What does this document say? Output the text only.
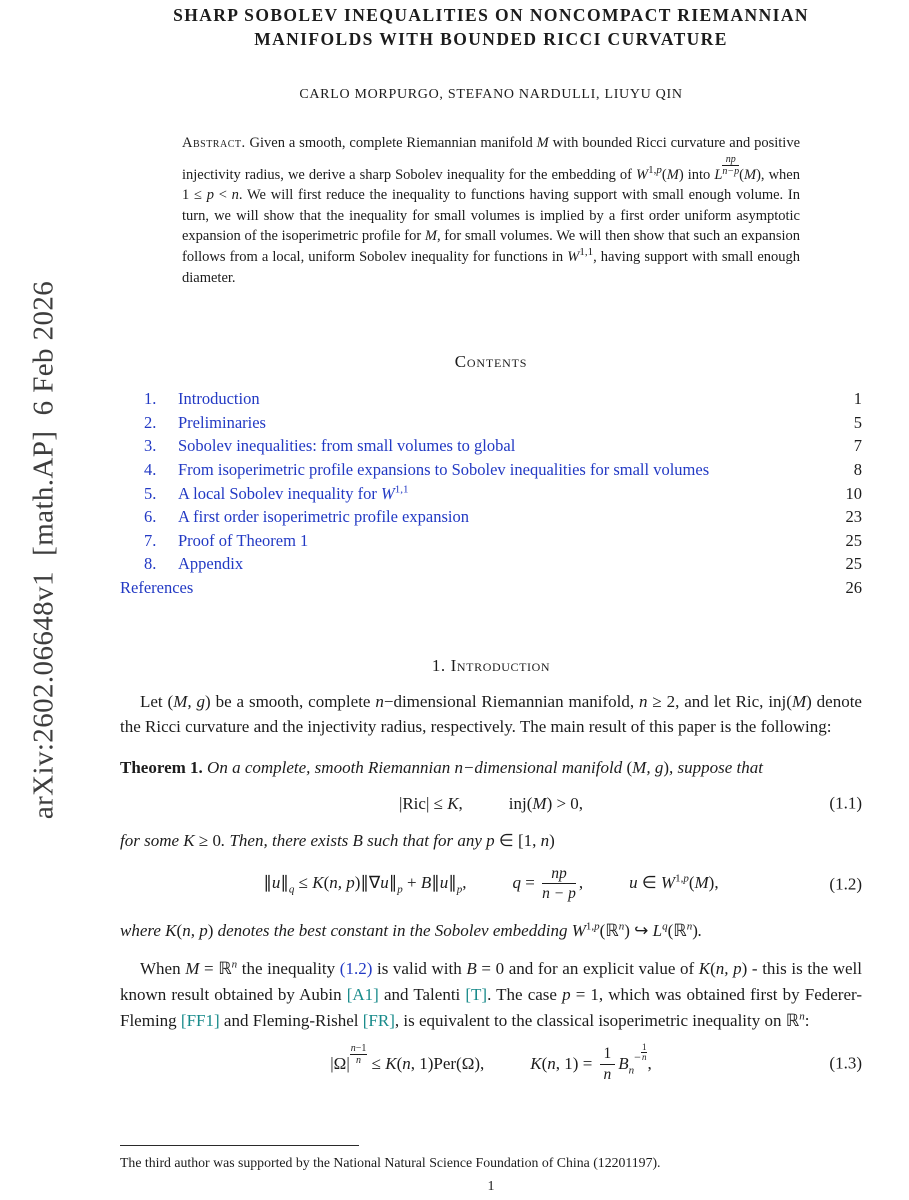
arXiv:2602.06648v1  [math.AP]  6 Feb 2026
SHARP SOBOLEV INEQUALITIES ON NONCOMPACT RIEMANNIAN
MANIFOLDS WITH BOUNDED RICCI CURVATURE
CARLO MORPURGO, STEFANO NARDULLI, LIUYU QIN
Abstract. Given a smooth, complete Riemannian manifold M with bounded Ricci curvature and positive injectivity radius, we derive a sharp Sobolev inequality for the embedding of W$^{1,p}$(M) into L $^{\frac{np}{n-p}}$ (M), when 1 ≤ p < n. We will first reduce the inequality to functions having support with small enough volume. In turn, we will show that the inequality for small volumes is implied by a first order uniform asymptotic expansion of the isoperimetric profile for M, for small volumes. We will then show that such an expansion follows from a local, uniform Sobolev inequality for functions in W$^{1,1}$, having support with small enough diameter.
Contents
1.	Introduction	1
2.	Preliminaries	5
3.	Sobolev inequalities: from small volumes to global	7
4.	From isoperimetric profile expansions to Sobolev inequalities for small volumes	8
5.	A local Sobolev inequality for W$^{1,1}$	10
6.	A first order isoperimetric profile expansion	23
7.	Proof of Theorem 1	25
8.	Appendix	25
References	26
1. Introduction

Let (M, g) be a smooth, complete n−dimensional Riemannian manifold, n ≥ 2, and let Ric, inj(M) denote the Ricci curvature and the injectivity radius, respectively. The main result of this paper is the following:

Theorem 1. On a complete, smooth Riemannian n−dimensional manifold (M, g), suppose that

|Ric| ≤ K,	inj(M) > 0,	(1.1)

for some K ≥ 0. Then, there exists B such that for any p ∈ [1, n)

$\parallel u\parallel_q \le K(n$, $p)\parallel\nabla u\parallel_p$ + $B\parallel u\parallel_p$,	$q = \frac{np}{n - p}$ ,	u ∈ W$^{1,p}$(M),	(1.2)

where K(n, p) denotes the best constant in the Sobolev embedding W$^{1,p}$(ℝ$^n$) ↪ $L^q(ℝ^n)$.

When M = ℝ$^n$ the inequality (1.2) is valid with B = 0 and for an explicit value of K(n, p) - this is the well known result obtained by Aubin [A1] and Talenti [T]. The case p = 1, which was obtained first by Federer-Fleming [FF1] and Fleming-Rishel [FR], is equivalent to the classical isoperimetric inequality on ℝ$^n$:

|Ω| $^{\frac{n-1}{n}}$ ≤ K(n, 1)Per(Ω),	K(n, $1) = \frac{1}{n} B_n^{- \frac{1}{n}}$ ,	(1.3)
The third author was supported by the National Natural Science Foundation of China (12201197).
1
